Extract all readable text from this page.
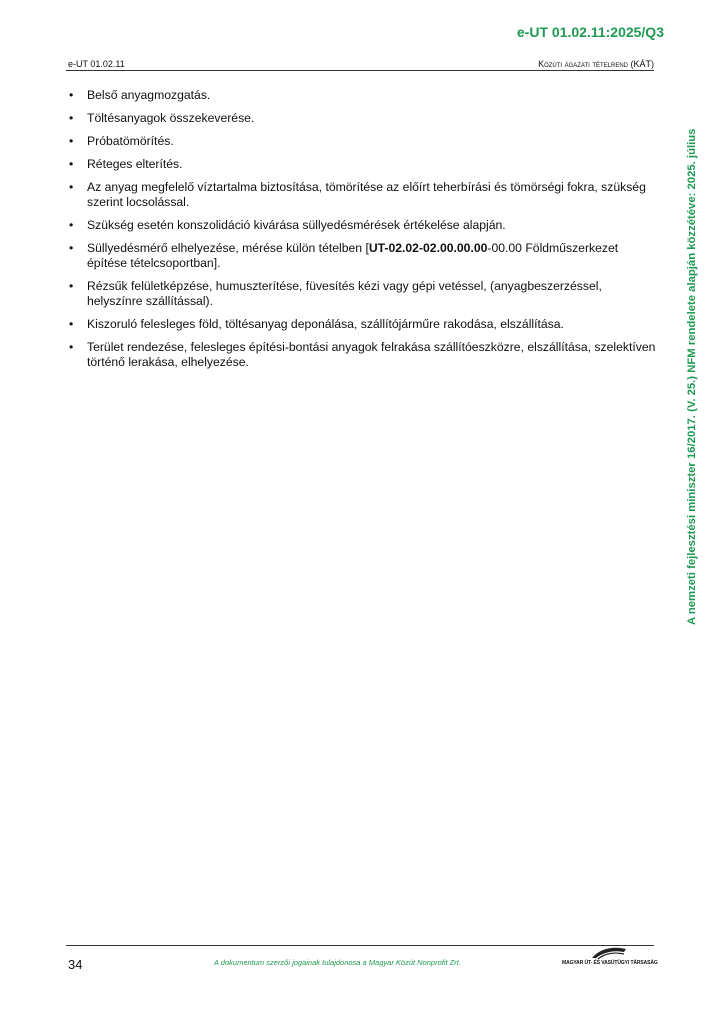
e-UT 01.02.11:2025/Q3
e-UT 01.02.11	Közúti ágazati tételrend (KÁT)
• Belső anyagmozgatás.
• Töltésanyagok összekeverése.
• Próbatömörítés.
• Réteges elterítés.
• Az anyag megfelelő víztartalma biztosítása, tömörítése az előírt teherbírási és tömörségi fokra, szükség szerint locsolással.
• Szükség esetén konszolidáció kivárása süllyedésmérések értékelése alapján.
• Süllyedésmérő elhelyezése, mérése külön tételben [UT-02.02-02.00.00.00-00.00 Földműszerkezet építése tételcsoportban].
• Rézsűk felületképzése, humuszterítése, füvesítés kézi vagy gépi vetéssel, (anyagbeszerzéssel, helyszínre szállítással).
• Kiszoruló felesleges föld, töltésanyag deponálása, szállítójárműre rakodása, elszállítása.
• Terület rendezése, felesleges építési-bontási anyagok felrakása szállítóeszközre, elszállítása, szelektíven történő lerakása, elhelyezése.	A nemzeti fejlesztési miniszter 16/2017. (V. 25.) NFM rendelete alapján közzétéve: 2025. július
34	A dokumentum szerzői jogainak tulajdonosa a Magyar Közút Nonprofit Zrt.	MAGYAR ÚT- ÉS VASÚTÜGYI TÁRSASÁG
